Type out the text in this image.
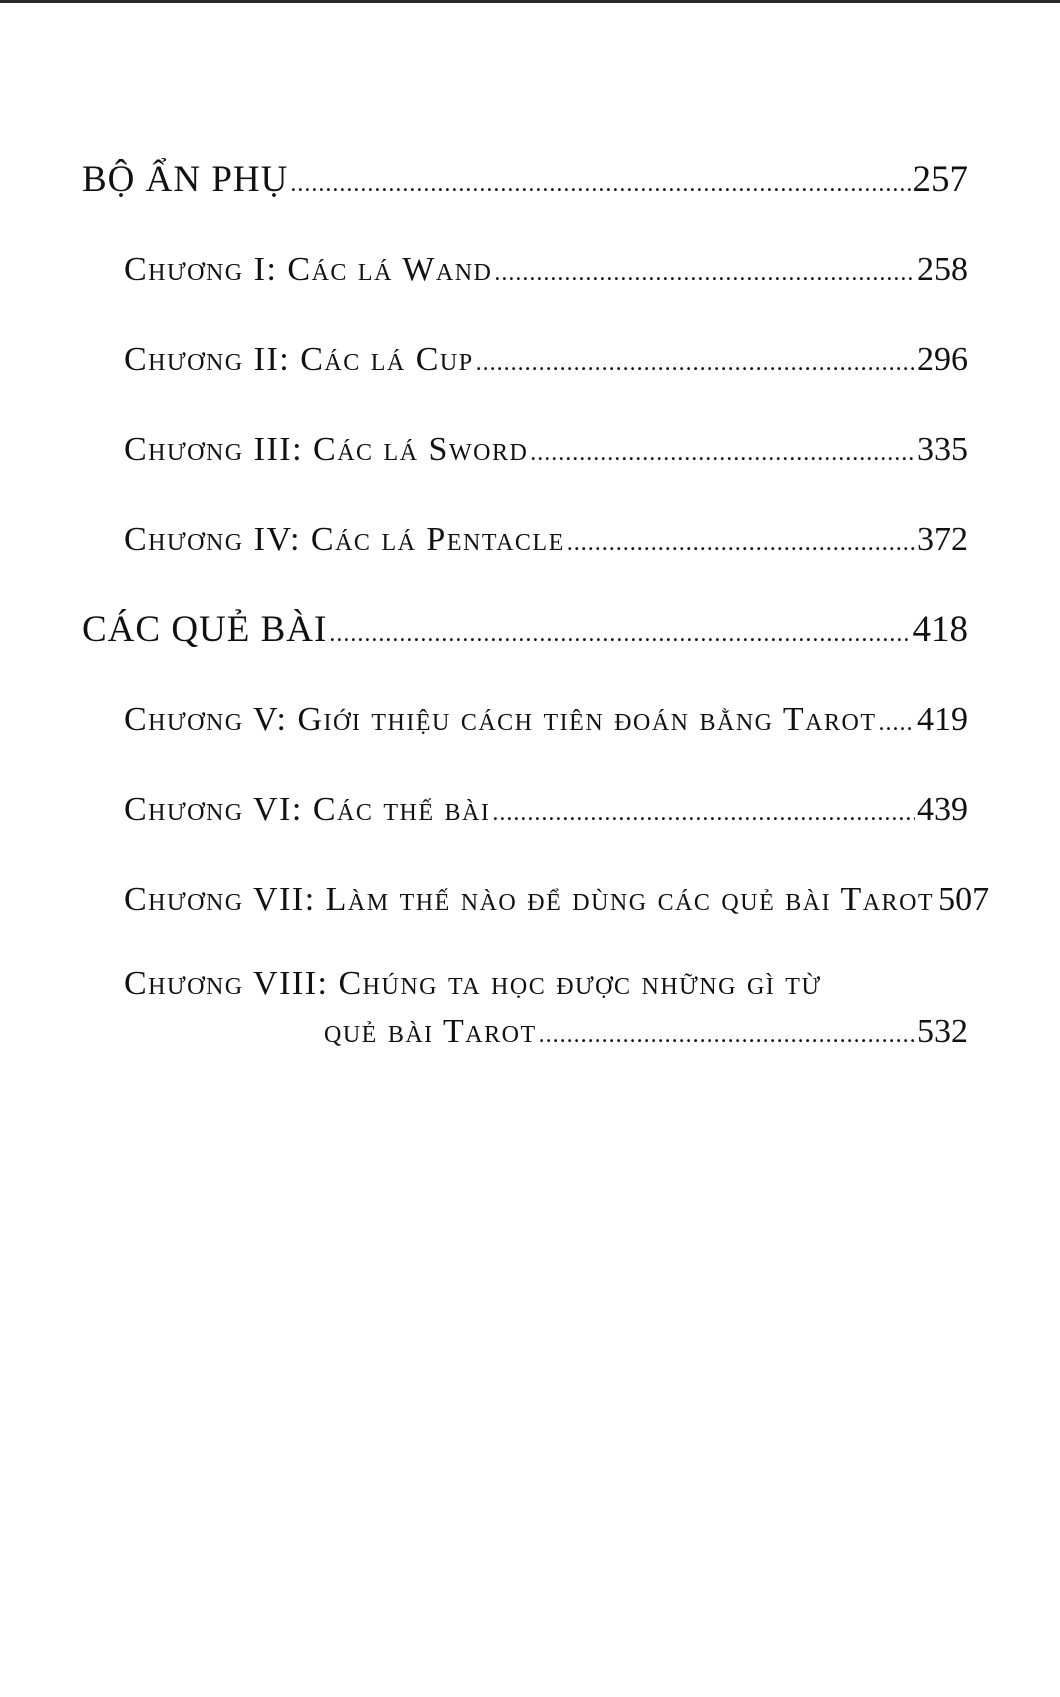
BỘ ẨN PHỤ .....	257
Chương I: Các lá Wand .....	258
Chương II: Các lá Cup .....	296
Chương III: Các lá Sword .....	335
Chương IV: Các lá Pentacle .....	372
CÁC QUẺ BÀI .....	418
Chương V: Giới thiệu cách tiên đoán bằng Tarot ..... 419
Chương VI: Các thế bài .....	439
Chương VII: Làm thế nào để dùng các quẻ bài Tarot 507
Chương VIII: Chúng ta học được những gì từ
quẻ bài Tarot .....	532
